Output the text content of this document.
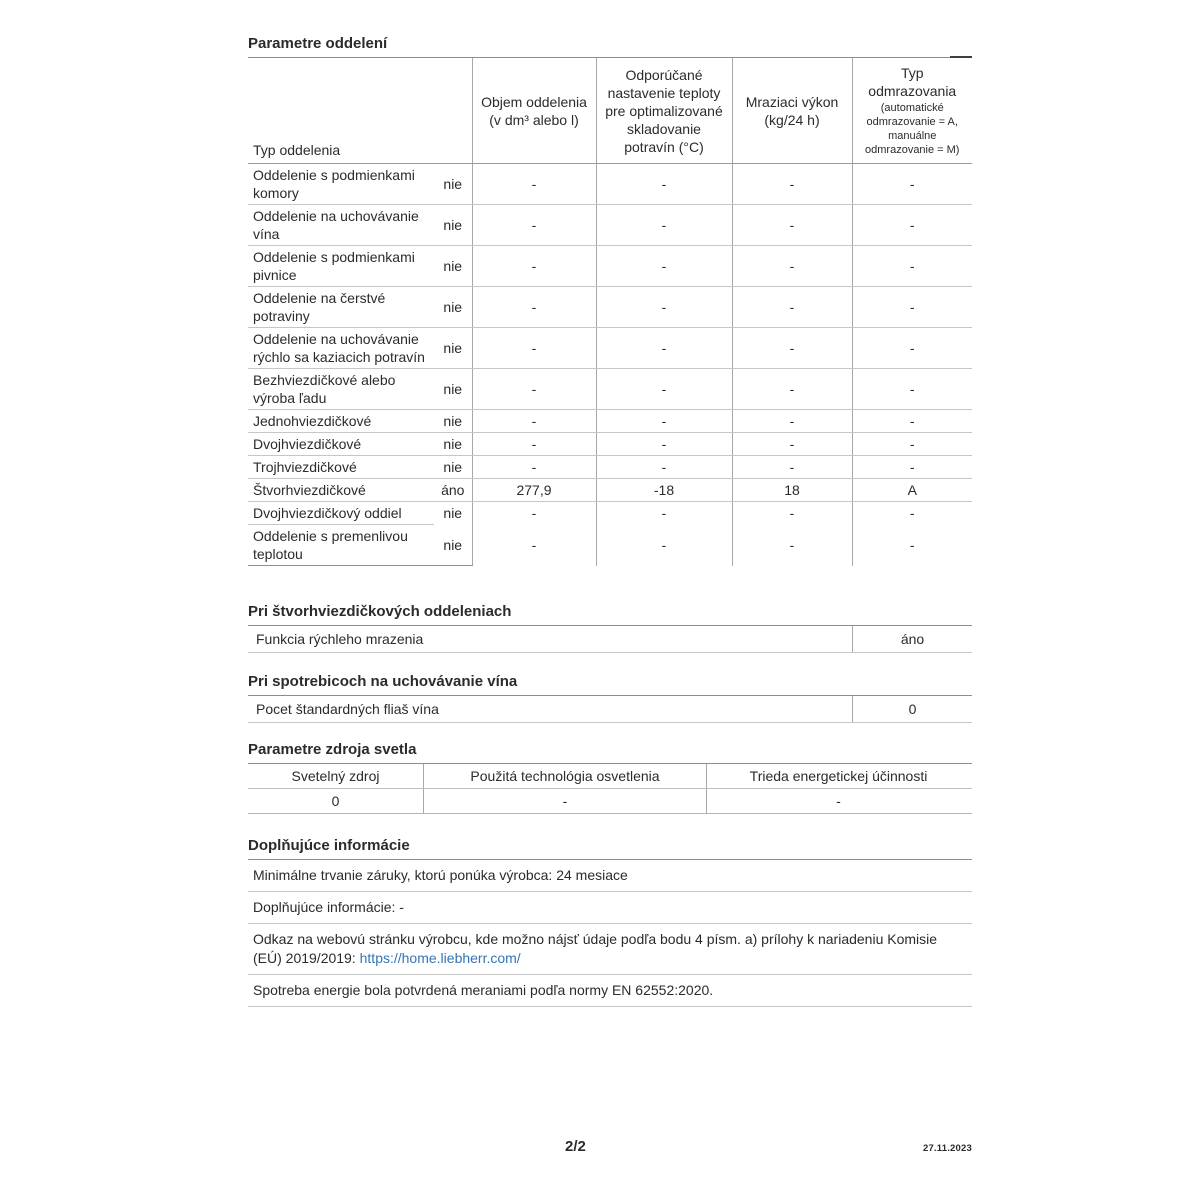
Parametre oddelení
Typ oddelenia		Objem oddelenia (v dm³ alebo l)	Odporúčané nastavenie teploty pre optimalizované skladovanie potravín (°C)	Mraziaci výkon (kg/24 h)	Typ odmrazovania
(automatické odmrazovanie = A, manuálne odmrazovanie = M)

Oddelenie s podmienkami komory	nie	-	-	-	-
Oddelenie na uchovávanie vína	nie	-	-	-	-
Oddelenie s podmienkami pivnice	nie	-	-	-	-
Oddelenie na čerstvé potraviny	nie	-	-	-	-
Oddelenie na uchovávanie rýchlo sa kaziacich potravín	nie	-	-	-	-
Bezhviezdičkové alebo výroba ľadu	nie	-	-	-	-
Jednohviezdičkové	nie	-	-	-	-
Dvojhviezdičkové	nie	-	-	-	-
Trojhviezdičkové	nie	-	-	-	-
Štvorhviezdičkové	áno	277,9	-18	18	A
Dvojhviezdičkový oddiel	nie	-	-	-	-
Oddelenie s premenlivou teplotou	nie	-	-	-	-
Pri štvorhviezdičkových oddeleniach
Funkcia rýchleho mrazenia	áno
Pri spotrebicoch na uchovávanie vína
Pocet štandardných fliaš vína	0
Parametre zdroja svetla
Svetelný zdroj	Použitá technológia osvetlenia	Trieda energetickej účinnosti
0	-	-
Doplňujúce informácie
Minimálne trvanie záruky, ktorú ponúka výrobca: 24 mesiace
Doplňujúce informácie: -
Odkaz na webovú stránku výrobcu, kde možno nájsť údaje podľa bodu 4 písm. a) prílohy k nariadeniu Komisie (EÚ) 2019/2019: https://home.liebherr.com/
Spotreba energie bola potvrdená meraniami podľa normy EN 62552:2020.
2/2	27.11.2023
